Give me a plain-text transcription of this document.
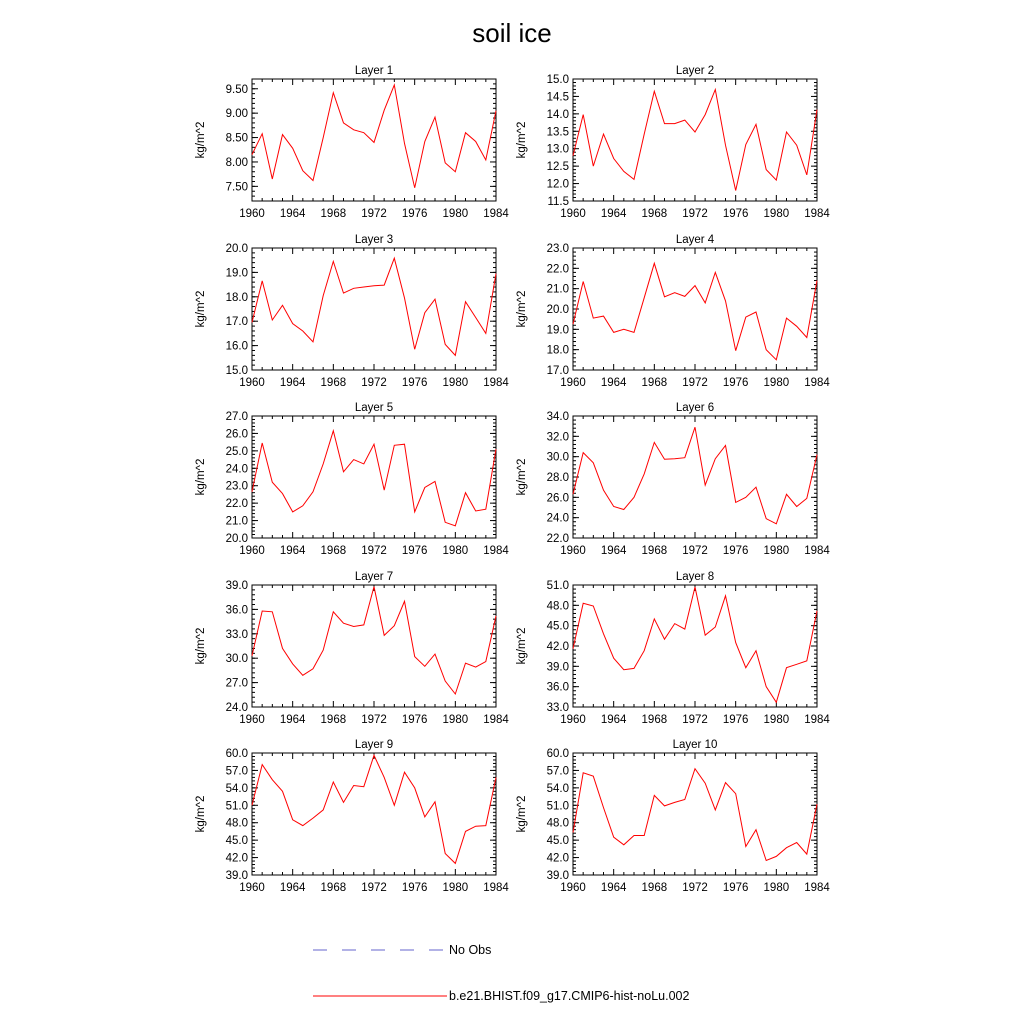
soil ice
Layer 1
1960 1964 1968 1972 1976 1980 1984
7.50
8.00
8.50
9.00
9.50
kg/m^2
Layer 2
1960 1964 1968 1972 1976 1980 1984
11.5
12.0
12.5
13.0
13.5
14.0
14.5
15.0
kg/m^2
Layer 3
1960 1964 1968 1972 1976 1980 1984
15.0
16.0
17.0
18.0
19.0
20.0
kg/m^2
Layer 4
1960 1964 1968 1972 1976 1980 1984
17.0
18.0
19.0
20.0
21.0
22.0
23.0
kg/m^2
Layer 5
1960 1964 1968 1972 1976 1980 1984
20.0
21.0
22.0
23.0
24.0
25.0
26.0
27.0
kg/m^2
Layer 6
1960 1964 1968 1972 1976 1980 1984
22.0
24.0
26.0
28.0
30.0
32.0
34.0
kg/m^2
Layer 7
1960 1964 1968 1972 1976 1980 1984
24.0
27.0
30.0
33.0
36.0
39.0
kg/m^2
Layer 8
1960 1964 1968 1972 1976 1980 1984
33.0
36.0
39.0
42.0
45.0
48.0
51.0
kg/m^2
Layer 9
1960 1964 1968 1972 1976 1980 1984
39.0
42.0
45.0
48.0
51.0
54.0
57.0
60.0
kg/m^2
Layer 10
1960 1964 1968 1972 1976 1980 1984
39.0
42.0
45.0
48.0
51.0
54.0
57.0
60.0
kg/m^2
No Obs
b.e21.BHIST.f09_g17.CMIP6-hist-noLu.002
